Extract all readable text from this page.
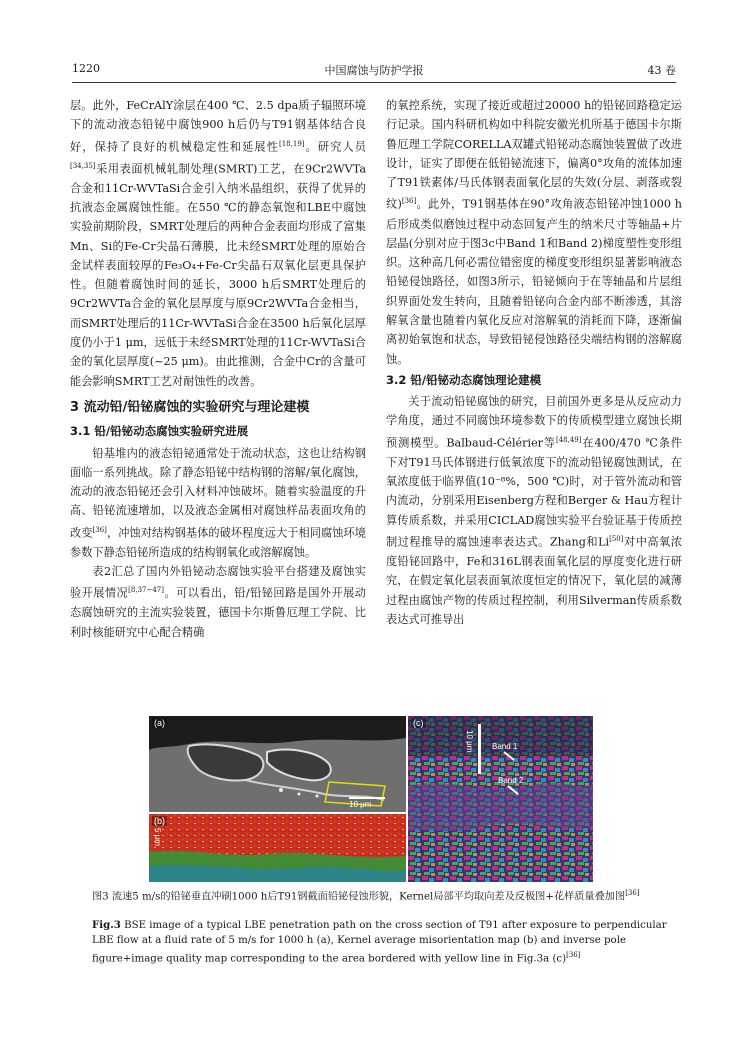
1220	中国腐蚀与防护学报	43 卷

层。此外，FeCrAlY涂层在400 ℃、2.5 dpa质子辐照环境下的流动液态铅铋中腐蚀900 h后仍与T91钢基体结合良好，保持了良好的机械稳定性和延展性[18,19]。研究人员[34,35]采用表面机械轧制处理(SMRT)工艺，在9Cr2WVTa合金和11Cr-WVTaSi合金引入纳米晶组织，获得了优异的抗液态金属腐蚀性能。在550 ℃的静态氧饱和LBE中腐蚀实验前期阶段，SMRT处理后的两种合金表面均形成了富集Mn、Si的Fe-Cr尖晶石薄膜，比未经SMRT处理的原始合金试样表面较厚的Fe₃O₄+Fe-Cr尖晶石双氧化层更具保护性。但随着腐蚀时间的延长，3000 h后SMRT处理后的9Cr2WVTa合金的氧化层厚度与原9Cr2WVTa合金相当，而SMRT处理后的11Cr-WVTaSi合金在3500 h后氧化层厚度仍小于1 μm，远低于未经SMRT处理的11Cr-WVTaSi合金的氧化层厚度(~25 μm)。由此推测，合金中Cr的含量可能会影响SMRT工艺对耐蚀性的改善。

3 流动铅/铅铋腐蚀的实验研究与理论建模
3.1 铅/铅铋动态腐蚀实验研究进展

铅基堆内的液态铅铋通常处于流动状态，这也让结构钢面临一系列挑战。除了静态铅铋中结构钢的溶解/氧化腐蚀，流动的液态铅铋还会引入材料冲蚀破坏。随着实验温度的升高、铅铋流速增加，以及液态金属相对腐蚀样品表面攻角的改变[36]，冲蚀对结构钢基体的破坏程度远大于相同腐蚀环境参数下静态铅铋所造成的结构钢氧化或溶解腐蚀。

表2汇总了国内外铅铋动态腐蚀实验平台搭建及腐蚀实验开展情况[8,37~47]。可以看出，铅/铅铋回路是国外开展动态腐蚀研究的主流实验装置，德国卡尔斯鲁厄理工学院、比利时核能研究中心配合精确

的氧控系统，实现了接近或超过20000 h的铅铋回路稳定运行记录。国内科研机构如中科院安徽光机所基于德国卡尔斯鲁厄理工学院CORELLA双罐式铅铋动态腐蚀装置做了改进设计，证实了即便在低铅铋流速下，偏离0°攻角的流体加速了T91铁素体/马氏体钢表面氧化层的失效(分层、剥落或裂纹)[36]。此外，T91钢基体在90°攻角液态铅铋冲蚀1000 h后形成类似磨蚀过程中动态回复产生的纳米尺寸等轴晶+片层晶(分别对应于图3c中Band 1和Band 2)梯度塑性变形组织。这种高几何必需位错密度的梯度变形组织显著影响液态铅铋侵蚀路径，如图3所示，铅铋倾向于在等轴晶和片层组织界面处发生转向，且随着铅铋向合金内部不断渗透，其溶解氧含量也随着内氧化反应对溶解氧的消耗而下降，逐渐偏离初始氧饱和状态，导致铅铋侵蚀路径尖端结构钢的溶解腐蚀。

3.2 铅/铅铋动态腐蚀理论建模

关于流动铅铋腐蚀的研究，目前国外更多是从反应动力学角度，通过不同腐蚀环境参数下的传质模型建立腐蚀长期预测模型。Balbaud-Célérier等[48,49]在400/470 ℃条件下对T91马氏体钢进行低氧浓度下的流动铅铋腐蚀测试，在氧浓度低于临界值(10⁻⁸%，500 ℃)时，对于管外流动和管内流动，分别采用Eisenberg方程和Berger & Hau方程计算传质系数，并采用CICLAD腐蚀实验平台验证基于传质控制过程推导的腐蚀速率表达式。Zhang和Li[50]对中高氧浓度铅铋回路中，Fe和316L钢表面氧化层的厚度变化进行研究，在假定氧化层表面氧浓度恒定的情况下，氧化层的减薄过程由腐蚀产物的传质过程控制，利用Silverman传质系数表达式可推导出

(a)
10 μm
(b)
5 μm
(c)
10 μm Band 1
Band 2
图3 流速5 m/s的铅铋垂直冲刷1000 h后T91钢截面铅铋侵蚀形貌，Kernel局部平均取向差及反极图+花样质量叠加图[36]
Fig.3 BSE image of a typical LBE penetration path on the cross section of T91 after exposure to perpendicular LBE flow at a fluid rate of 5 m/s for 1000 h (a), Kernel average misorientation map (b) and inverse pole figure+image quality map corresponding to the area bordered with yellow line in Fig.3a (c)[36]
